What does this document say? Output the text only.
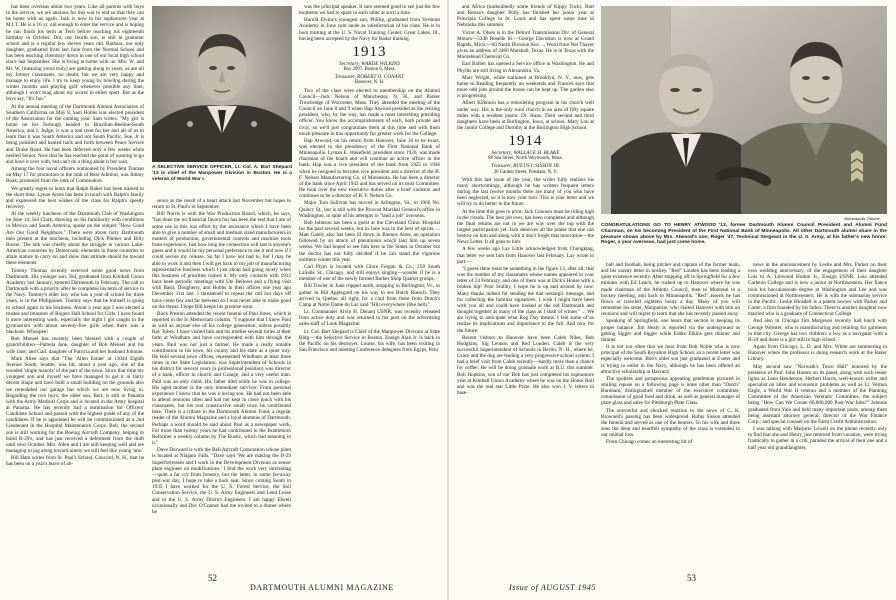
has been overseas about two years. Like all parents with boys in the service, we are anxious for this war to end so that they can be home with us again. Jack is now in his sophomore year at M.I.T. He is a 16 yr. old enough to enter the service and is hoping he can finish his term at Tech before reaching his eighteenth birthday in October. Dot, our fourth son, is still in grammar school and is a regular boy eleven years old. Barbara, our only daughter, graduated from last June from the Normal School and has been teaching chemistry down in one of our local high school since last September. She is living at home with us. Mrs. W. and Mr. W. (meaning yours truly) are getting along in years, as are all my former classmates, no doubt, but we are very happy and manage to enjoy life. I try to keep young by bowling during the winter months and playing golf whenever possible any time, although I won't brag about my scores in either sport. But as the boys say, "It's fun."

At the annual meeting of the Dartmouth Alumni Association of Southern California on May 8, Sam Hobbs was elected president of the Association for the coming year. Sam writes: "My girl is home on her furlough headed to Brazilian-Beeline-South America, and I, Judge, it was a real treat for her and all of us to learn that it was South America and not South Pacific. Sue, Jr is being polished and hauled back and forth between Peace Service and Drake Road. He had been deferred only a few weeks while nestled Senior. Now that he has reached the point of wanting to go and have it over with, but can't do a thing about it but wait.

Among the four naval officers nominated by President Truman on May 17 for promotion to the rank of Rear Admiral, was Jimmy Boak, promoted from the rank of Commodore.

We greatly regret to learn that Ralph Baker has been trained to the short time. Lynne Arnes has been in touch with Ralph's family and expressed the best wishes of the class for Ralph's speedy recovery.

At the weekly luncheon of the Dartmouth Club of Washington on June 14, Sid Clark, drawing on his familiarity with conditions in Mexico and South America, spoke on the subject "How Good Are Our Good Neighbors." There were about forty Dartmouth men present at the luncheon, including Dick Plumer and Billy Baxter. The talk was chiefly about the struggle in various Latin-American countries by Democratic elements in those countries to attain stature to carry on and show that attitude should be toward these elements.

Tommy Thomas recently received some good news from Dartmouth. His younger son, Ted, graduated from Kimball Union Academy last January, entered Dartmouth in February. The call to Dartmouth with a priority after he completes his term of service in the Navy. Tommy's elder boy who has a year of school for three years, is in the Philippines. Tommy says that he himself is going to school again in his business. About a year ago I was elected a trustee and treasurer of Rogers Hall School for Girls. I have found it more interesting work, especially the night I got caught in the gymnasium with about seventy-five girls when there was a blackout. Whoopee!

Bob Mensel has recently been blessed with a couple of grandchildren—Pamela Jane, daughter of Bob Mensel and his wife Jane; and Gail, daughter of Patricia and her husband Johnnie.

Mark Allen says that "The 'Allen Estate' at 13044 Eighth Avenue South, Seattle, was hit, about a year ago, one of the wooded 'single manors' of the part of the town. Since that time my youngest son and myself we have managed to get it in fairly decent shape and have built a small building on the grounds also we remodeled our garage but which we are now living in. Regarding the two boys, the older son, Bert, is still in Panama with the Army Medical Corps and is located in the Army hospital at Panama. He has recently had a nomination for Officers' Candidate School and passed with the highest grade of any of the candidates. If he is appointed he will be commissioned as a 2nd Lieutenant in the Hospital Maintenance Corps. Bob, the second son is still working for the Boeing Aircraft Company, helping to build B-29's, and has just received a deferment from the draft until next October. Mrs. Allen and I are still keeping well and are managing to jog along toward ninety we still feel like young 'uns.'

Bill Ham writes from St. Paul's School, Concord, N. H., that he has been on a year's leave of ab-

A SELECTIVE SERVICE OFFICER, Lt. Col. A. Bart Shepard '13 is chief of the Manpower Division in Boston. He is a veteran of World War I.

sence as the result of a heart attack last November but hopes to return to St. Paul's in September.

Bill Norris is with the War Production Board, which, he says, "has done me no financial favors but has been the end that I am of some use in this war effort by the assistance which I have been able to give a number of small and medium sized manufacturers in matters of production, governmental controls and machine tools from experience. Just how long the connection will last is anyone's guess and it would be my personal preference to see it end now if I could secure my release. So far I have not had to, but I may be able to work it and then I will get back to my job of manufacturing representative business which I just about had going nicely when this business of priorities ruined it. My only contacts with 1912 have been periodic meetings with Ute Bellows and a flying visit with Basil, Dougherty, and Hobbs in their offices one year ago December 31st last. I threatened to repeat the call but days off have come few and far between so I was never able to make good on the threat. I hope Bill keeps his promise soon.

Buck Preston attended the recent funeral of Paul Jones, which is reported in the In Memoriam column. "I suppose that I knew Paul as well as anyone else of his college generation, unless possibly Ray Tobey. I have visited him and his mother several times at their farm at Windham and have corresponded with him through the years. Paul was not just a farmer. He made a really notable contribution to his town, his county and his state as a quiet way. He held several town offices, represented Windham at least three times in the State Legislature, was Superintendent of Schools in his district for several years (a professional position) was director of a bank, officer in church and Grange, and a very useful man. Paul was an only child. His father died while he was in college. His aged mother is the only immediate survivor. From personal experience I know that he was a loving son. He had not been able to attend reunions often and had not kept in close touch with his classmates, but his real constructive small town he contributed here. There is a tribute in the Dartmouth Alumni Fund, a regular reader of the Alumni Magazine and a loyal alumnus of Dartmouth. Perhaps a word should be said about Paul as a newspaper work. For more than twenty years he had contributed to the Brattleboro Reformer a weekly column by The Rustic, which had meaning in it."

Dave Dorward is with the Bell Aircraft Corporation whose plant is located at Niagara Falls. "Dave says 'We are making the B-29 Superfortresses and I work in the Development Division as senior plant engineer on modifications.' I find the work very interesting—quite a far cry from forestry, but the latter, in some far-away post-war day, I hope to take a back seat. Since coming South in 1935 I have worked for the U. S. Forest Service, the Soil Conservation Service, the U. S. Army Engineers and Lend Lease and in the U. S. Army District Engineers. I am happy Elwell occasionally and Doc O'Connor had me invited to a dinner where he

was the principal speaker. It sure seemed good to see just the few moments we had to spare in each other at such a time.

Harold Elvins's youngest son, Phillip, graduated from Vermont Academy in June cum laude as valedictorian of his class. He is in boot training at the U. S. Naval Training Center, Great Lakes, Ill., having been accepted by the Navy for Radar training.

1913

Secretary, WARDE WILKINS

Box 2097, Boston 6, Mass.

Treasurer, ROBERT O. CONANT

Hanover, N. H.

Two of the class were elected to membership on the Alumni Council—Jack Nelson of Manchester, N. H., and Parker Trowbridge of Worcester, Mass. They attended the meeting of the Council on June 8 and 9 when Hap Atwood presided as the retiring president, who, by the way, has made a most interesting presiding officer. You know the accomplishments of each, both private and civic, so we'll just congratulate them at this time and with them much pleasure in this opportunity for greater work for the College.

Hap Atwood, on his return from Hanover, June 10 to be exact, was elected to the presidency of the First National Bank of Minneapolis. Lyman E. Wakefield, president since 1926, was made chairman of the board and will continue an active officer in the bank. Hap was a vice president of the bank from 1925 to 1936 when he resigned to become vice president and a director of the B. F. Nelson Manufacturing Co. of Minnesota. He has been a director of the bank since April 1943 and has served on its trust Committee. He took over the new executive duties after a brief vacation and continues to be a director of B. F. Nelson Co.

Major Tom Sullivan has moved in Arlington, Va., to 1966 No. Quincy St., but is still with the Provost Marshal General's office in Washington, in spite of his attempts to "land a job" overseas.

Bob Johnson has been a guest at the Cleveland Clinic Hospital for the past several weeks, but in June was in the best of spirits. ... Matt Gately also has been ill down in Buenos Aires, an operation followed by an attack of pneumonia which laid him up seven weeks. We had hoped to see him here in the States in October but the doctor has not fully decided if he can stand the vigorous northern winter this year.

Carl Plym is located with Glore Forgan & Co., 258 South LaSalle St., Chicago, and still enjoys singing—wonder if he is a member of one of the newly formed Barber Shop Quartet groups.

Bill Towler in June tripped north, stopping in Burlington, Vt., to gather in Bill Applegard on his way to see Butch Ruesch. They arrived in Quebec all right, for a card from there from Dutch's Camp at Notre Dame du Lac said "Hilt everywhere (like hell)."

Lt. Commander Alvin H. Denant USNR, was recently released from active duty and was returned to his post on the advertising sales staff of Look Magazine.

Lt. Col. Bart Shepard is Chief of the Manpower Division at State Bldg.—the Selective Service in Boston. Ensign Alan Jr. is back in the Pacific on his destroyer. Louise, his wife, has been visiting in San Francisco and meeting Conference delegates from Egypt, Peru

52
DARTMOUTH ALUMNI MAGAZINE

and Africa (undoubtedly some friends of Kippy Tuck). Bart and Renza's daughter Polly has finished her junior year at Principia College in St. Louis and has spent some time in Nebraska this summer.

Victor A. Olsen is in the Detroit Transmission Div. of General Motors—5340 Roselle St.—George Davidson is now at Grand Rapids, Mich.—60 North Division Ave. ... Word from Nat Thayer gives an address of 2400 Marshall, Texas. He is in Texas with the Moorehead Chemical Co.

Earl Barber has opened a Service office in Washington. He and Phyllis are still living in Alexandria, Va.

Marc Wright, while stationed at Brooklyn, N. Y., now, gets home to Reading frequently on weekends and Frances says that more odd jobs around the house can be kept up. The garden also is progressing.

Albert Kilbourn has a remodeling program in his church well under way. His is the only rural church in an area of fifty square miles with a resident pastor. Dr. Jeans. Their second and third daughters have been at Burlington, Iowa, at school. Mary Lou at the Junior College and Dorothy at the Burlington High School.

1914

Secretary, WALLACE H. BLAKE

88 Sea Street, North Weymouth, Mass.

Treasurer, RUFUS I. SISSON JR.

26 Garden Street, Potsdam, N. Y.

With this last issue of the year, the writer fully realizes his many shortcomings, although he has written frequent letters during the last twelve months there are many of you who have been neglected, so it is now your turn. This is your letter and we will try to do better in the future.

At the time this goes to print, Jack Connors must be riding high in the clouds. The best job ever, has been completed and although the final returns are not in we are way over the top with the largest participation yet. Jack deserves all the praise that one can bestow on him and along with it don't forget that innovation—the News Letter. It all goes to him.

A few weeks ago Lay Little acknowledged from Chungking, that letter we sent him from Hanover last February. Lay wrote in part:—

"I guess there must be something in the figure 13, after all; that was the number of my classmates whose names appeared in your letter of 24 February, and one of them was at Dick's House with a broken hip! Poor Stubby, I hope he is up and around by now. Many thanks indeed for sending me that nostalgic message, and for collecting the familiar signatures. I wish I might have been with you all and could have looked at the old Dartmouth and thought together as many of the class as I shall of winter." ... We are trying to anticipate what Rog Day means. I feel some of us realize its implications and importance to the full. And now for the future.

Recent visitors to Hanover have been Caleb Niles, Bob Hodgkins, Sig Lennon and Red Louden. Caleb is the very successful Superintendent of Schools in Berlin, N. H., where he, Grace and the dog are leading a very progressive school system. I had a brief visit from Caleb recently—hardly more than a chance for coffee. He will be doing graduate work at B.U. this summer. Bob Hopkins, son of our Bob has just completed his sophomore year at Kimball Union Academy where he was on the Honor Roll and was the real star Little Prize. He also won J. V. letters in base-

Minneapolis Tribune.
CONGRATULATIONS GO TO HENRY ATWOOD '13, former Dartmouth Alumni Council President and Alumni Fund Chairman, on his becoming President of the First National Bank of Minneapolis. All other Dartmouth alumni share in the pleasure shown above by Mrs. Atwood's son, Roger '47, Technical Sergeant in the U. S. Army, at his father's new honor. Roger, a year overseas, had just come home.

ball and football, being pitcher and captain of the former team, and his varsity letter in hockey. "Red" Louden has been leading a quiet existence recently. After stopping off in Springfield for a few minutes with Ed Leach, he rushed up to Hanover where he was made chairman of the Athletic Council, then to Montreal to a hockey meeting, and back to Minneapolis. "Red" asserts he has flown or traveled eighteen hours a day. Many of you will remember his sister, Marguerite, who visited Hanover with him on reunions and will regret to learn that she has recently passed away.

Speaking of Springfield, one hears that section is keeping its proper balance. Jim Healy is reported via the underground as getting bigger and bigger while Eddie Elkins gets thinner and thinner.

It is not too often that we hear from Bob Noble who is now principal of the South Royalton High School, so a recent letter was especially welcome. Bob's older son just graduated at Exeter and is trying to enlist in the Navy, although he has been offered an attractive scholarship at Harvard.

The spotless and prosperous appearing gentleman pictured in smiling repose on a following page is none other than "Dutch" Burnham, distinguished member of the executive committee, connoisseur of good food and drink, as well as general manager of plate glass and sales for Pittsburgh Plate Glass.

The sorrowful and shocked reaction to the news of C. K. Brownell's passing has been widespread. Rufus Sisson attended the funeral and served as one of the bearers. To his wife and three sons the deep and heartfelt sympathy of the class is extended in our mutual loss.

From Chicago comes an interesting bit of

news in the announcement by Leslie and Mrs. Parker on their own wedding anniversary, of the engagement of their daughter Lois to A. Linwood Holton Jr., Ensign USNR. Lois attended Carleton College and is now a junior at Northwestern. Her fiance took his baccalaureate degree at Washington and Lee and was commissioned at Northwestern. He is with the submarine service in the Pacific. Leslie Hinsdell is a patent lawyer with Parker and Carter, a firm founded by his father. There is another daughter now married who is a graduate of Connecticut College.

And also in Chicago Jim Margeson recently had lunch with George Webster, who is manufacturing and retailing fur garments in that city. George has two children: a boy as a navigator with a B-24 and there is a girl still in high school.

Again from Chicago, L. D. and Mrs. White are summering in Hanover where the professor is doing research work at the Baker Library.

May second saw "Norwalk's Town Hall" honored by the presence of Prof. John Hamm on its panel, along with such lesser lights as Leon Henderson, Herbert Harris, well-known writer and specialist on labor and economic problems as well as Lt. Vernon Eagle, a World War II veteran and a member of the Planning Committee of the American Veterans' Committee, the subject being "How Can We Create 60,000,000 Post-War Jobs?" Johnnie graduated from Yale and held many important posts, among them being assistant attorney general; director of the War Finance Corp.; and special counsel on the Farm Credit Administration.

I was talking with Marjorie Lowell on the phone recently only to find that she and Henry, just returned from vacation, were trying frantically to gather in a crib, paraded the arrival of their one and a half year old granddaughter,

53
Issue of AUGUST 1945
